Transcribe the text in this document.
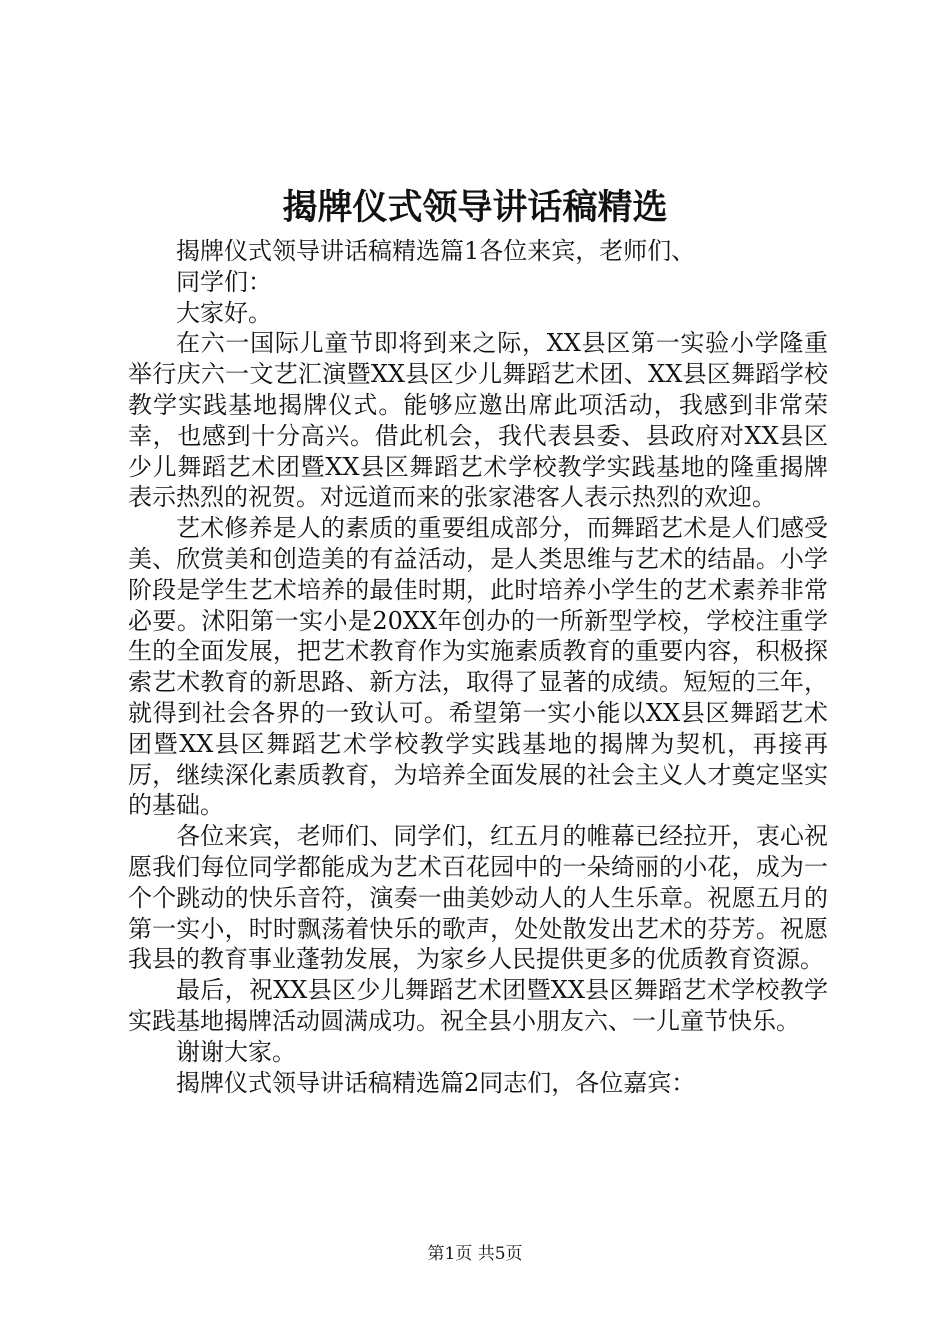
揭牌仪式领导讲话稿精选

揭牌仪式领导讲话稿精选篇1各位来宾，老师们、

同学们：

大家好。

在六一国际儿童节即将到来之际，XX县区第一实验小学隆重举行庆六一文艺汇演暨XX县区少儿舞蹈艺术团、XX县区舞蹈学校教学实践基地揭牌仪式。能够应邀出席此项活动，我感到非常荣幸，也感到十分高兴。借此机会，我代表县委、县政府对XX县区少儿舞蹈艺术团暨XX县区舞蹈艺术学校教学实践基地的隆重揭牌表示热烈的祝贺。对远道而来的张家港客人表示热烈的欢迎。

艺术修养是人的素质的重要组成部分，而舞蹈艺术是人们感受美、欣赏美和创造美的有益活动，是人类思维与艺术的结晶。小学阶段是学生艺术培养的最佳时期，此时培养小学生的艺术素养非常必要。沭阳第一实小是20XX年创办的一所新型学校，学校注重学生的全面发展，把艺术教育作为实施素质教育的重要内容，积极探索艺术教育的新思路、新方法，取得了显著的成绩。短短的三年，就得到社会各界的一致认可。希望第一实小能以XX县区舞蹈艺术团暨XX县区舞蹈艺术学校教学实践基地的揭牌为契机，再接再厉，继续深化素质教育，为培养全面发展的社会主义人才奠定坚实的基础。

各位来宾，老师们、同学们，红五月的帷幕已经拉开，衷心祝愿我们每位同学都能成为艺术百花园中的一朵绮丽的小花，成为一个个跳动的快乐音符，演奏一曲美妙动人的人生乐章。祝愿五月的第一实小，时时飘荡着快乐的歌声，处处散发出艺术的芬芳。祝愿我县的教育事业蓬勃发展，为家乡人民提供更多的优质教育资源。

最后，祝XX县区少儿舞蹈艺术团暨XX县区舞蹈艺术学校教学实践基地揭牌活动圆满成功。祝全县小朋友六、一儿童节快乐。

谢谢大家。

揭牌仪式领导讲话稿精选篇2同志们，各位嘉宾：

第1页 共5页
